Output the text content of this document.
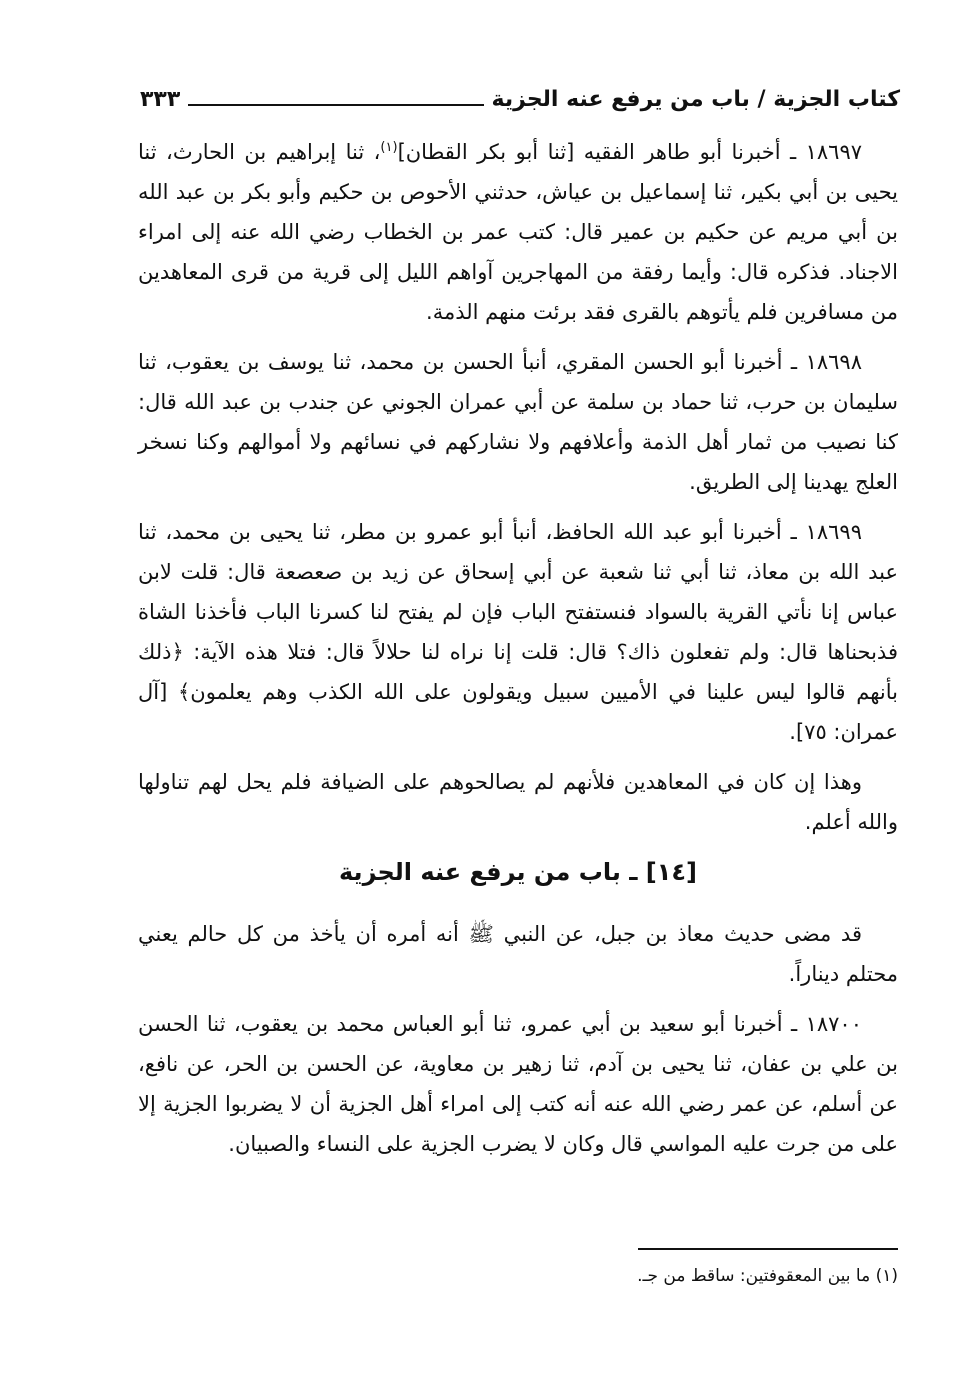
كتاب الجزية / باب من يرفع عنه الجزية
٣٣٣

١٨٦٩٧ ـ أخبرنا أبو طاهر الفقيه [ثنا أبو بكر القطان]$^{(١)}$، ثنا إبراهيم بن الحارث، ثنا يحيى بن أبي بكير، ثنا إسماعيل بن عياش، حدثني الأحوص بن حكيم وأبو بكر بن عبد الله بن أبي مريم عن حكيم بن عمير قال: كتب عمر بن الخطاب رضي الله عنه إلى امراء الاجناد. فذكره قال: وأيما رفقة من المهاجرين آواهم الليل إلى قرية من قرى المعاهدين من مسافرين فلم يأتوهم بالقرى فقد برئت منهم الذمة.

١٨٦٩٨ ـ أخبرنا أبو الحسن المقري، أنبأ الحسن بن محمد، ثنا يوسف بن يعقوب، ثنا سليمان بن حرب، ثنا حماد بن سلمة عن أبي عمران الجوني عن جندب بن عبد الله قال: كنا نصيب من ثمار أهل الذمة وأعلافهم ولا نشاركهم في نسائهم ولا أموالهم وكنا نسخر العلج يهدينا إلى الطريق.

١٨٦٩٩ ـ أخبرنا أبو عبد الله الحافظ، أنبأ أبو عمرو بن مطر، ثنا يحيى بن محمد، ثنا عبد الله بن معاذ، ثنا أبي ثنا شعبة عن أبي إسحاق عن زيد بن صعصعة قال: قلت لابن عباس إنا نأتي القرية بالسواد فنستفتح الباب فإن لم يفتح لنا كسرنا الباب فأخذنا الشاة فذبحناها قال: ولم تفعلون ذاك؟ قال: قلت إنا نراه لنا حلالاً قال: فتلا هذه الآية: ﴿ذلك بأنهم قالوا ليس علينا في الأميين سبيل ويقولون على الله الكذب وهم يعلمون﴾ [آل عمران: ٧٥].

وهذا إن كان في المعاهدين فلأنهم لم يصالحوهم على الضيافة فلم يحل لهم تناولها والله أعلم.

[١٤] ـ باب من يرفع عنه الجزية

قد مضى حديث معاذ بن جبل، عن النبي ﷺ أنه أمره أن يأخذ من كل حالم يعني محتلم ديناراً.

١٨٧٠٠ ـ أخبرنا أبو سعيد بن أبي عمرو، ثنا أبو العباس محمد بن يعقوب، ثنا الحسن بن علي بن عفان، ثنا يحيى بن آدم، ثنا زهير بن معاوية، عن الحسن بن الحر، عن نافع، عن أسلم، عن عمر رضي الله عنه أنه كتب إلى امراء أهل الجزية أن لا يضربوا الجزية إلا على من جرت عليه المواسي قال وكان لا يضرب الجزية على النساء والصبيان.

(١) ما بين المعقوفتين: ساقط من جـ.
